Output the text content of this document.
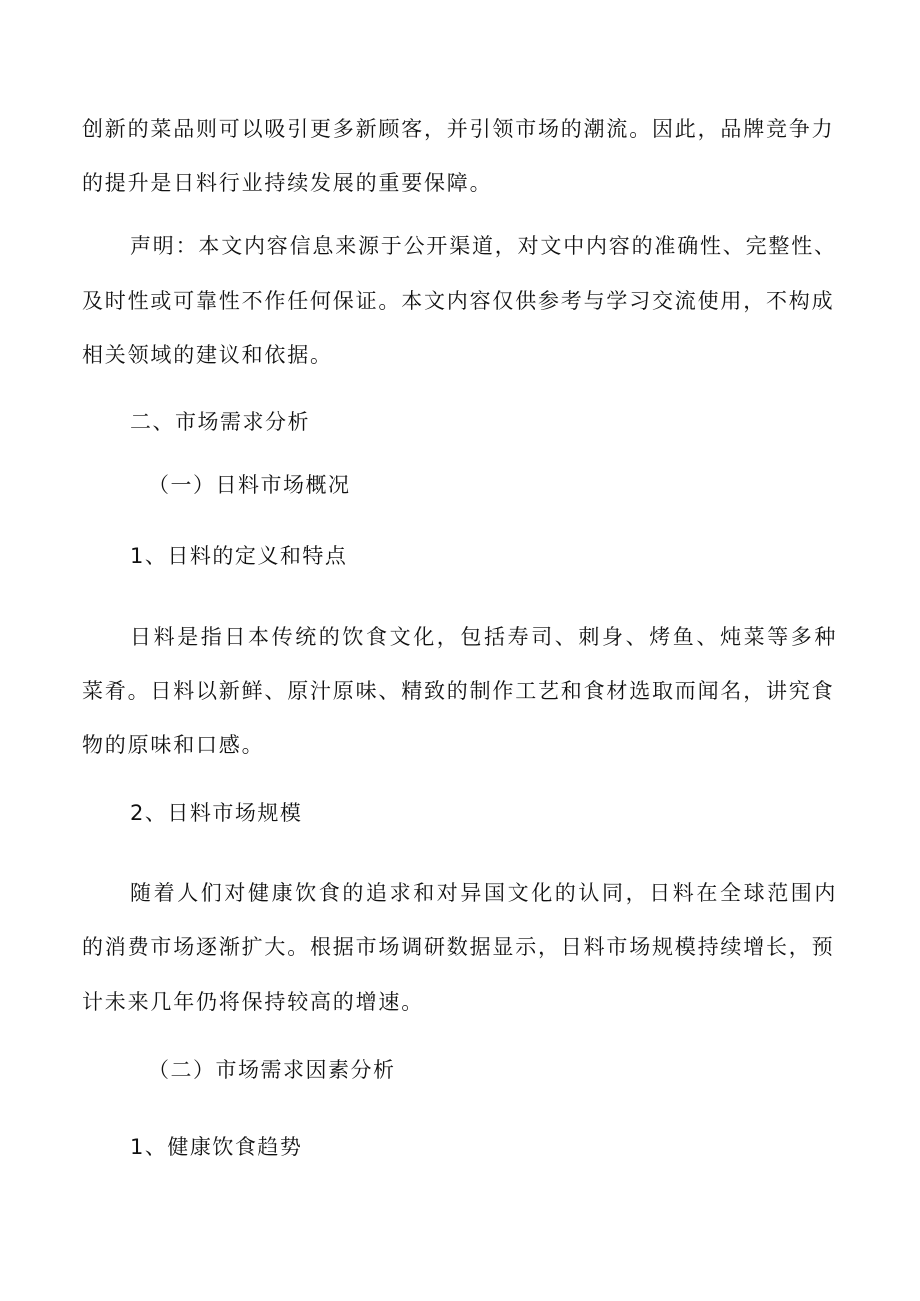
创新的菜品则可以吸引更多新顾客，并引领市场的潮流。因此，品牌竞争力
的提升是日料行业持续发展的重要保障。
声明：本文内容信息来源于公开渠道，对文中内容的准确性、完整性、
及时性或可靠性不作任何保证。本文内容仅供参考与学习交流使用，不构成
相关领域的建议和依据。
二、市场需求分析
（一）日料市场概况
1、日料的定义和特点
日料是指日本传统的饮食文化，包括寿司、刺身、烤鱼、炖菜等多种
菜肴。日料以新鲜、原汁原味、精致的制作工艺和食材选取而闻名，讲究食
物的原味和口感。
2、日料市场规模
随着人们对健康饮食的追求和对异国文化的认同，日料在全球范围内
的消费市场逐渐扩大。根据市场调研数据显示，日料市场规模持续增长，预
计未来几年仍将保持较高的增速。
（二）市场需求因素分析
1、健康饮食趋势
